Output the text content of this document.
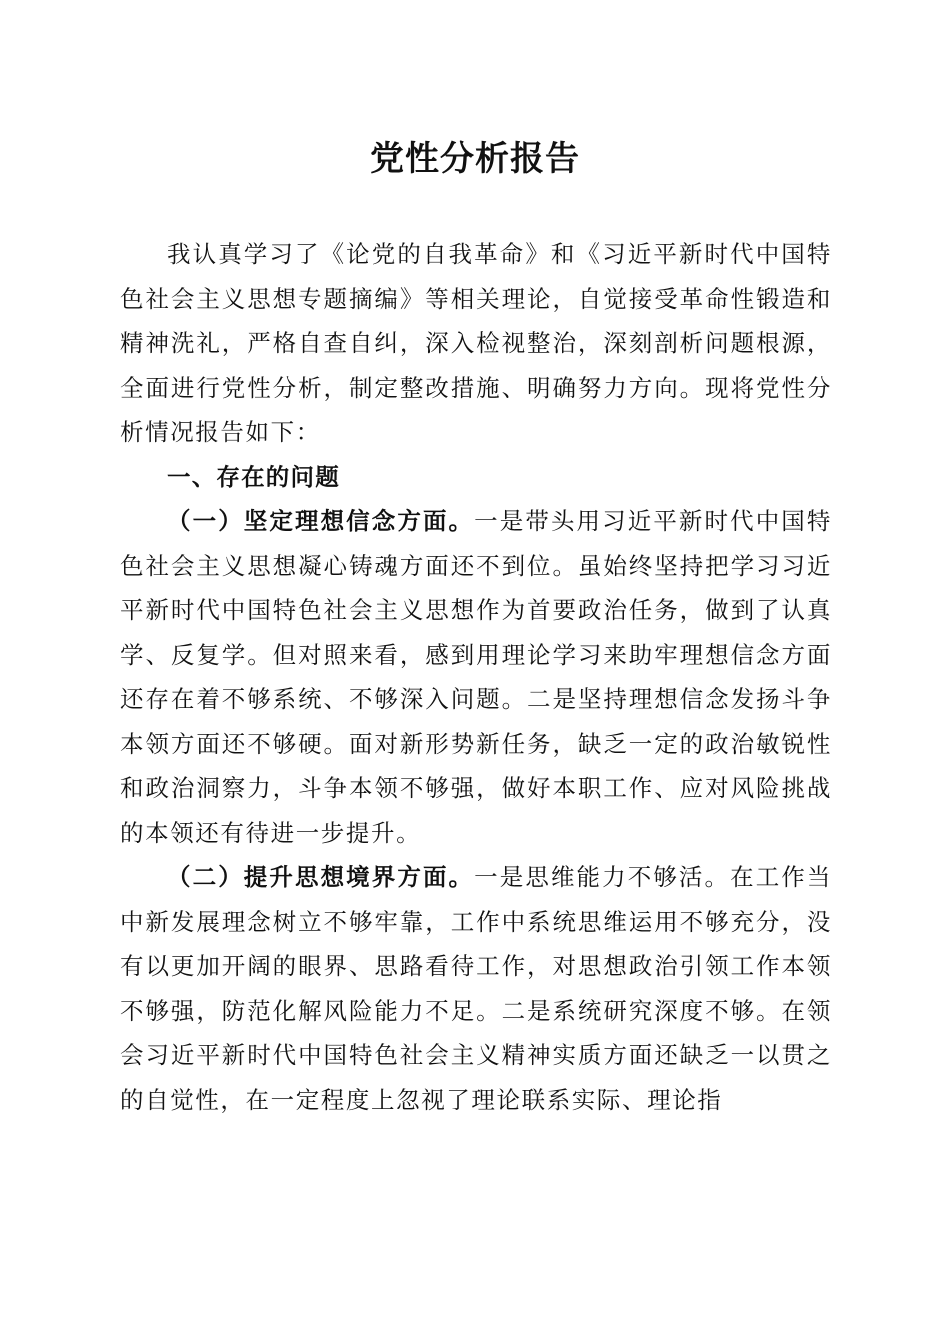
党性分析报告

我认真学习了《论党的自我革命》和《习近平新时代中国特色社会主义思想专题摘编》等相关理论，自觉接受革命性锻造和精神洗礼，严格自查自纠，深入检视整治，深刻剖析问题根源，全面进行党性分析，制定整改措施、明确努力方向。现将党性分析情况报告如下：

一、存在的问题

（一）坚定理想信念方面。一是带头用习近平新时代中国特色社会主义思想凝心铸魂方面还不到位。虽始终坚持把学习习近平新时代中国特色社会主义思想作为首要政治任务，做到了认真学、反复学。但对照来看，感到用理论学习来助牢理想信念方面还存在着不够系统、不够深入问题。二是坚持理想信念发扬斗争本领方面还不够硬。面对新形势新任务，缺乏一定的政治敏锐性和政治洞察力，斗争本领不够强，做好本职工作、应对风险挑战的本领还有待进一步提升。

（二）提升思想境界方面。一是思维能力不够活。在工作当中新发展理念树立不够牢靠，工作中系统思维运用不够充分，没有以更加开阔的眼界、思路看待工作，对思想政治引领工作本领不够强，防范化解风险能力不足。二是系统研究深度不够。在领会习近平新时代中国特色社会主义精神实质方面还缺乏一以贯之的自觉性，在一定程度上忽视了理论联系实际、理论指
